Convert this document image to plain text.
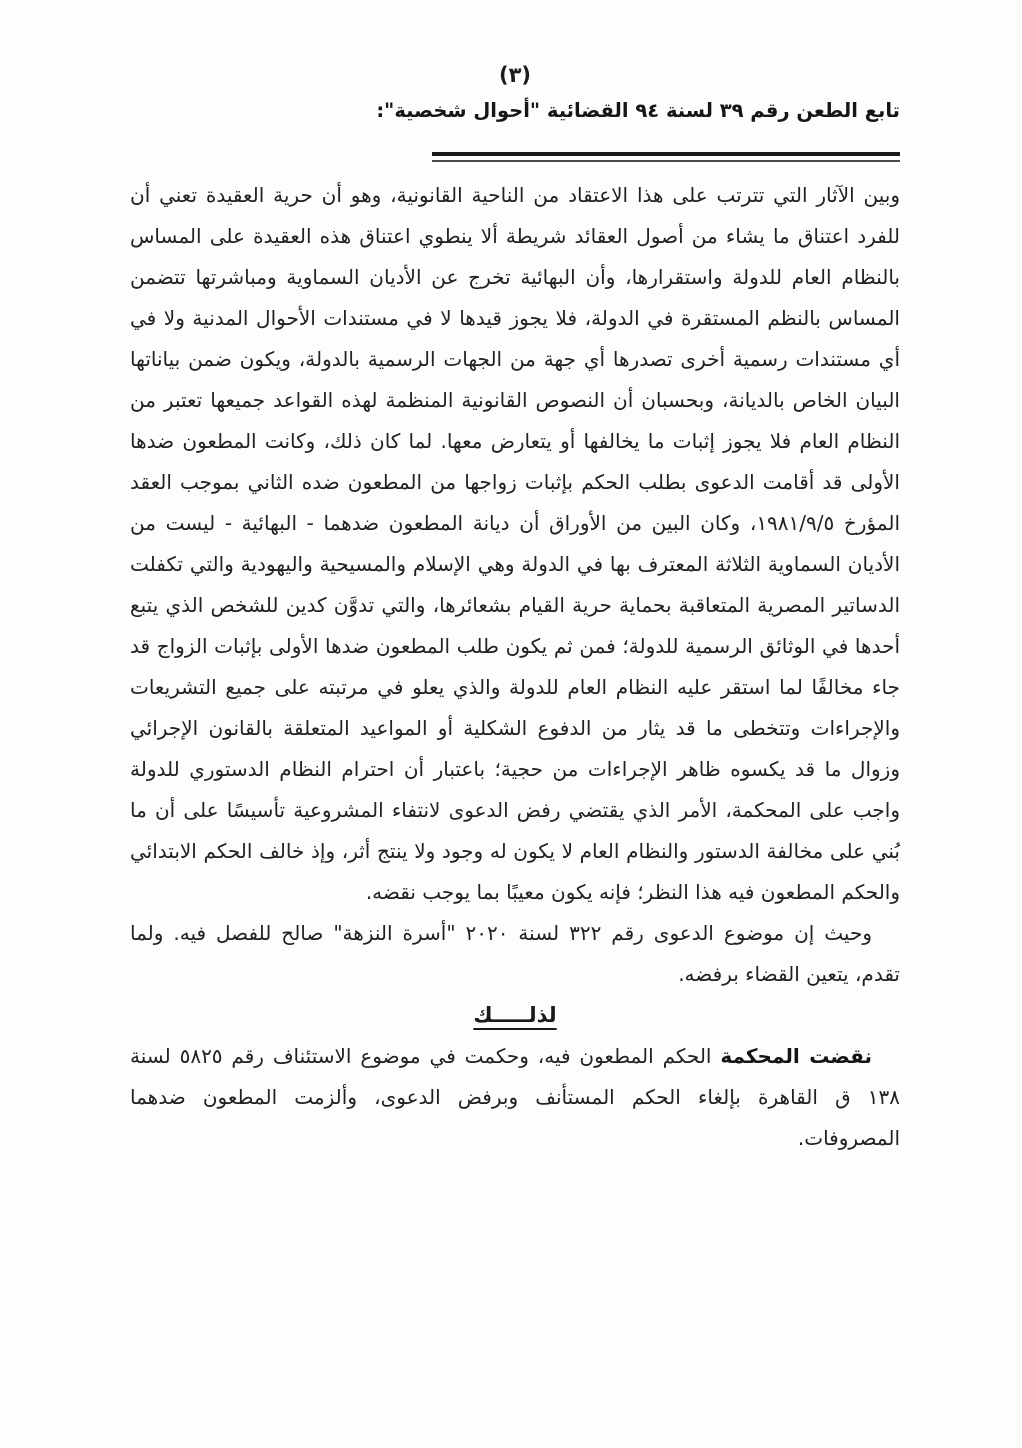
(٣)
تابع الطعن رقم ٣٩ لسنة ٩٤ القضائية "أحوال شخصية":

وبين الآثار التي تترتب على هذا الاعتقاد من الناحية القانونية، وهو أن حرية العقيدة تعني أن للفرد اعتناق ما يشاء من أصول العقائد شريطة ألا ينطوي اعتناق هذه العقيدة على المساس بالنظام العام للدولة واستقرارها، وأن البهائية تخرج عن الأديان السماوية ومباشرتها تتضمن المساس بالنظم المستقرة في الدولة، فلا يجوز قيدها لا في مستندات الأحوال المدنية ولا في أي مستندات رسمية أخرى تصدرها أي جهة من الجهات الرسمية بالدولة، ويكون ضمن بياناتها البيان الخاص بالديانة، وبحسبان أن النصوص القانونية المنظمة لهذه القواعد جميعها تعتبر من النظام العام فلا يجوز إثبات ما يخالفها أو يتعارض معها. لما كان ذلك، وكانت المطعون ضدها الأولى قد أقامت الدعوى بطلب الحكم بإثبات زواجها من المطعون ضده الثاني بموجب العقد المؤرخ ١٩٨١/٩/٥، وكان البين من الأوراق أن ديانة المطعون ضدهما - البهائية - ليست من الأديان السماوية الثلاثة المعترف بها في الدولة وهي الإسلام والمسيحية واليهودية والتي تكفلت الدساتير المصرية المتعاقبة بحماية حرية القيام بشعائرها، والتي تدوَّن كدين للشخص الذي يتبع أحدها في الوثائق الرسمية للدولة؛ فمن ثم يكون طلب المطعون ضدها الأولى بإثبات الزواج قد جاء مخالفًا لما استقر عليه النظام العام للدولة والذي يعلو في مرتبته على جميع التشريعات والإجراءات وتتخطى ما قد يثار من الدفوع الشكلية أو المواعيد المتعلقة بالقانون الإجرائي وزوال ما قد يكسوه ظاهر الإجراءات من حجية؛ باعتبار أن احترام النظام الدستوري للدولة واجب على المحكمة، الأمر الذي يقتضي رفض الدعوى لانتفاء المشروعية تأسيسًا على أن ما بُني على مخالفة الدستور والنظام العام لا يكون له وجود ولا ينتج أثر، وإذ خالف الحكم الابتدائي والحكم المطعون فيه هذا النظر؛ فإنه يكون معيبًا بما يوجب نقضه.

وحيث إن موضوع الدعوى رقم ٣٢٢ لسنة ٢٠٢٠ "أسرة النزهة" صالح للفصل فيه. ولما تقدم، يتعين القضاء برفضه.

لذلـــــك

نقضت المحكمة الحكم المطعون فيه، وحكمت في موضوع الاستئناف رقم ٥٨٢٥ لسنة ١٣٨ ق القاهرة بإلغاء الحكم المستأنف وبرفض الدعوى، وألزمت المطعون ضدهما المصروفات.
